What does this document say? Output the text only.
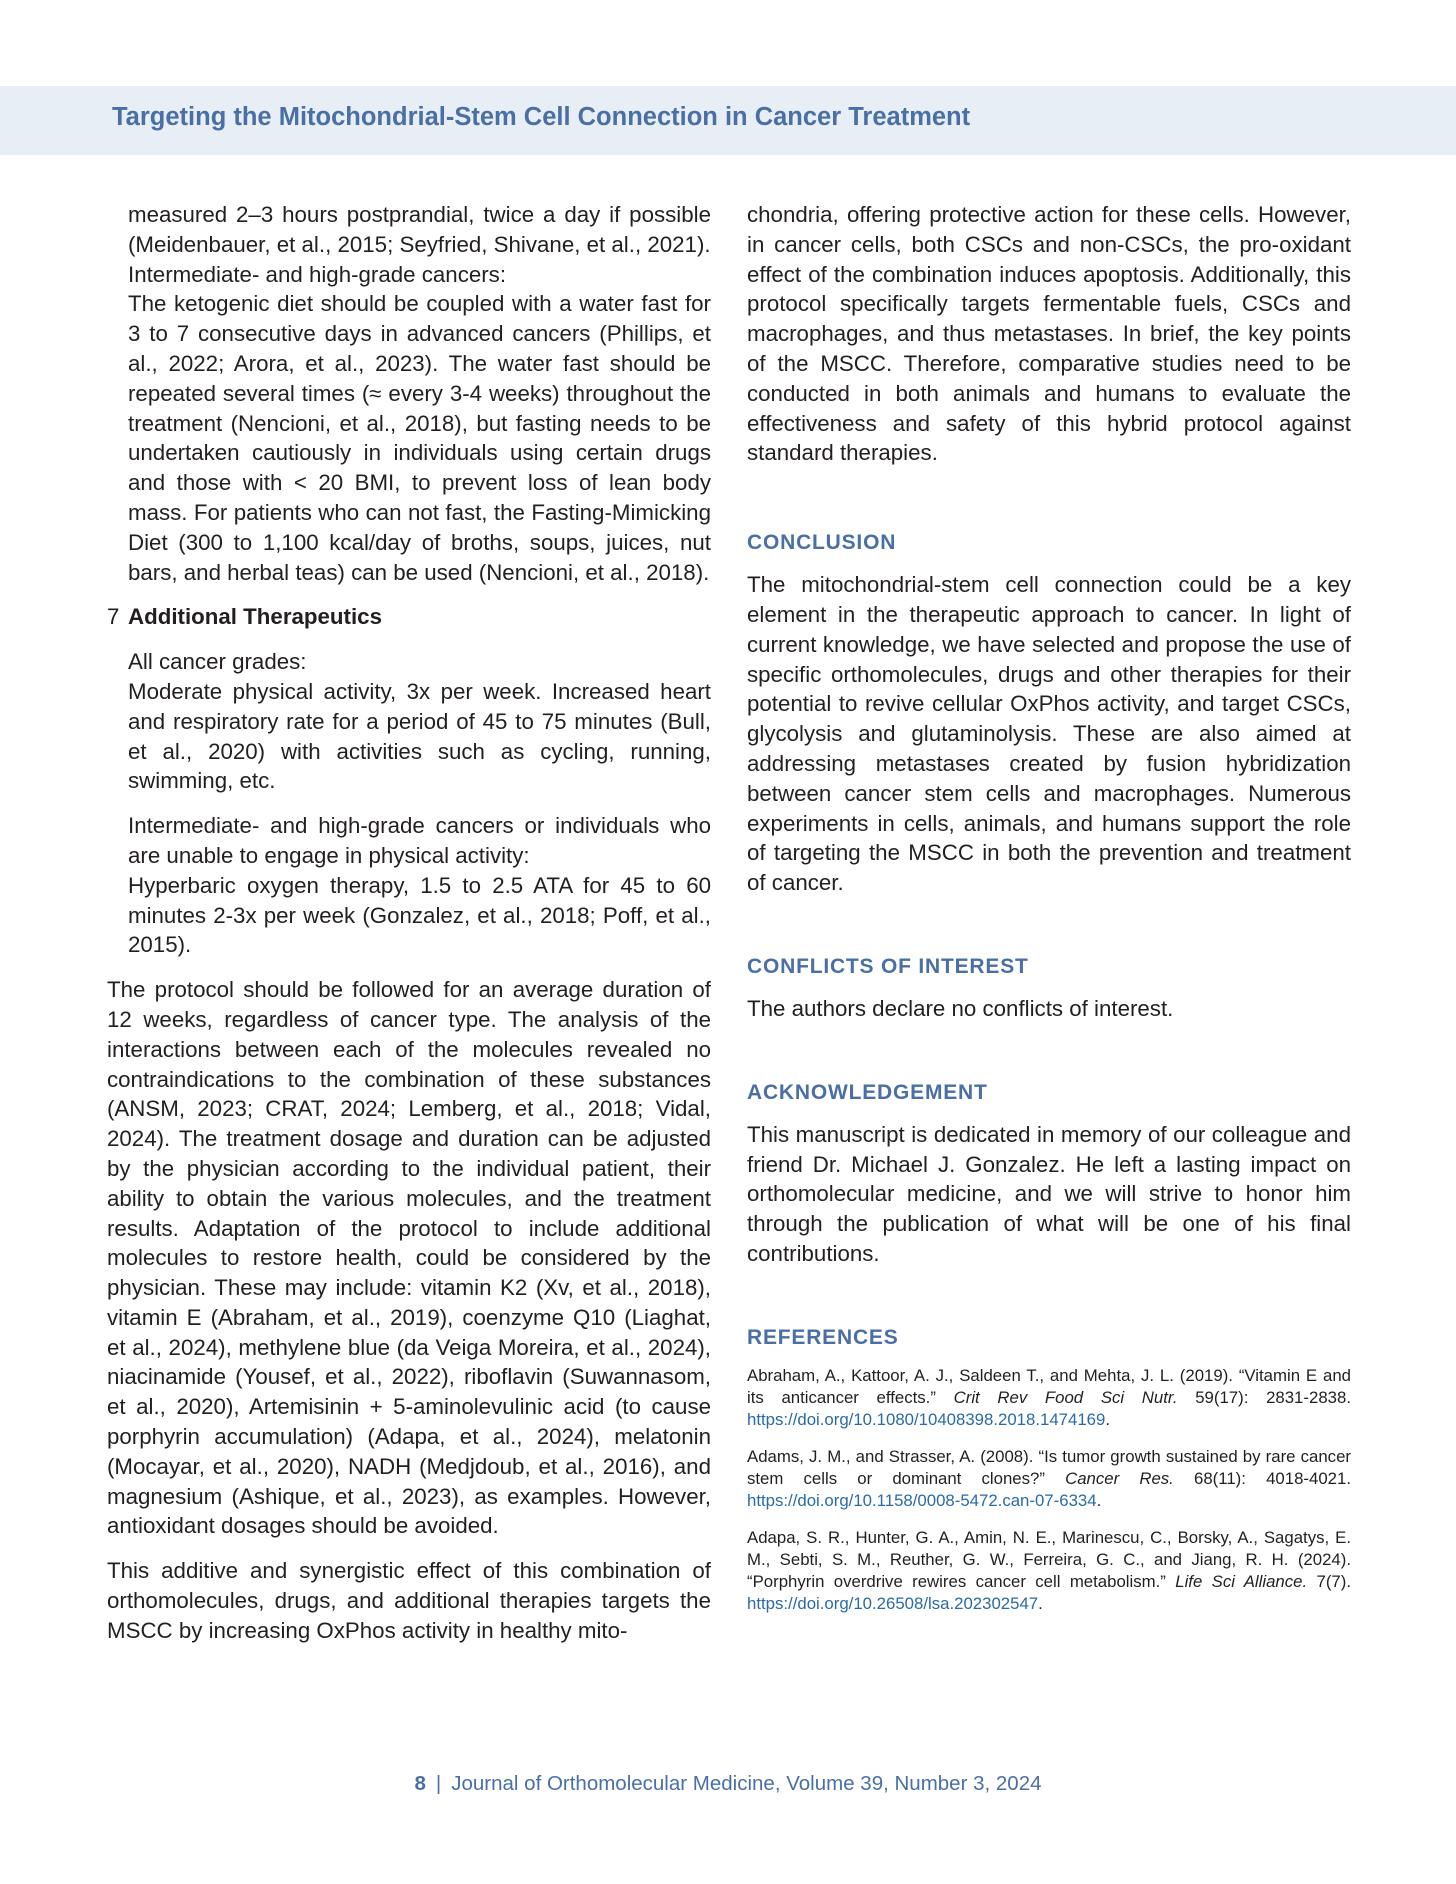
Targeting the Mitochondrial-Stem Cell Connection in Cancer Treatment

measured 2–3 hours postprandial, twice a day if possible (Meidenbauer, et al., 2015; Seyfried, Shivane, et al., 2021).

Intermediate- and high-grade cancers:

The ketogenic diet should be coupled with a water fast for 3 to 7 consecutive days in advanced cancers (Phillips, et al., 2022; Arora, et al., 2023). The water fast should be repeated several times (≈ every 3-4 weeks) throughout the treatment (Nencioni, et al., 2018), but fasting needs to be undertaken cautiously in individuals using certain drugs and those with < 20 BMI, to prevent loss of lean body mass. For patients who can not fast, the Fasting-Mimicking Diet (300 to 1,100 kcal/day of broths, soups, juices, nut bars, and herbal teas) can be used (Nencioni, et al., 2018).

7 Additional Therapeutics

All cancer grades:

Moderate physical activity, 3x per week. Increased heart and respiratory rate for a period of 45 to 75 minutes (Bull, et al., 2020) with activities such as cycling, running, swimming, etc.

Intermediate- and high-grade cancers or individuals who are unable to engage in physical activity:

Hyperbaric oxygen therapy, 1.5 to 2.5 ATA for 45 to 60 minutes 2-3x per week (Gonzalez, et al., 2018; Poff, et al., 2015).

The protocol should be followed for an average duration of 12 weeks, regardless of cancer type. The analysis of the interactions between each of the molecules revealed no contraindications to the combination of these substances (ANSM, 2023; CRAT, 2024; Lemberg, et al., 2018; Vidal, 2024). The treatment dosage and duration can be adjusted by the physician according to the individual patient, their ability to obtain the various molecules, and the treatment results. Adaptation of the protocol to include additional molecules to restore health, could be considered by the physician. These may include: vitamin K2 (Xv, et al., 2018), vitamin E (Abraham, et al., 2019), coenzyme Q10 (Liaghat, et al., 2024), methylene blue (da Veiga Moreira, et al., 2024), niacinamide (Yousef, et al., 2022), riboflavin (Suwannasom, et al., 2020), Artemisinin + 5-aminolevulinic acid (to cause porphyrin accumulation) (Adapa, et al., 2024), melatonin (Mocayar, et al., 2020), NADH (Medjdoub, et al., 2016), and magnesium (Ashique, et al., 2023), as examples. However, antioxidant dosages should be avoided.

This additive and synergistic effect of this combination of orthomolecules, drugs, and additional therapies targets the MSCC by increasing OxPhos activity in healthy mito-

chondria, offering protective action for these cells. However, in cancer cells, both CSCs and non-CSCs, the pro-oxidant effect of the combination induces apoptosis. Additionally, this protocol specifically targets fermentable fuels, CSCs and macrophages, and thus metastases. In brief, the key points of the MSCC. Therefore, comparative studies need to be conducted in both animals and humans to evaluate the effectiveness and safety of this hybrid protocol against standard therapies.

CONCLUSION

The mitochondrial-stem cell connection could be a key element in the therapeutic approach to cancer. In light of current knowledge, we have selected and propose the use of specific orthomolecules, drugs and other therapies for their potential to revive cellular OxPhos activity, and target CSCs, glycolysis and glutaminolysis. These are also aimed at addressing metastases created by fusion hybridization between cancer stem cells and macrophages. Numerous experiments in cells, animals, and humans support the role of targeting the MSCC in both the prevention and treatment of cancer.

CONFLICTS OF INTEREST

The authors declare no conflicts of interest.

ACKNOWLEDGEMENT

This manuscript is dedicated in memory of our colleague and friend Dr. Michael J. Gonzalez. He left a lasting impact on orthomolecular medicine, and we will strive to honor him through the publication of what will be one of his final contributions.

REFERENCES

Abraham, A., Kattoor, A. J., Saldeen T., and Mehta, J. L. (2019). “Vitamin E and its anticancer effects.” Crit Rev Food Sci Nutr. 59(17): 2831-2838. https://doi.org/10.1080/10408398.2018.1474169.

Adams, J. M., and Strasser, A. (2008). “Is tumor growth sustained by rare cancer stem cells or dominant clones?” Cancer Res. 68(11): 4018-4021. https://doi.org/10.1158/0008-5472.can-07-6334.

Adapa, S. R., Hunter, G. A., Amin, N. E., Marinescu, C., Borsky, A., Sagatys, E. M., Sebti, S. M., Reuther, G. W., Ferreira, G. C., and Jiang, R. H. (2024). “Porphyrin overdrive rewires cancer cell metabolism.” Life Sci Alliance. 7(7). https://doi.org/10.26508/lsa.202302547.

8 | Journal of Orthomolecular Medicine, Volume 39, Number 3, 2024
